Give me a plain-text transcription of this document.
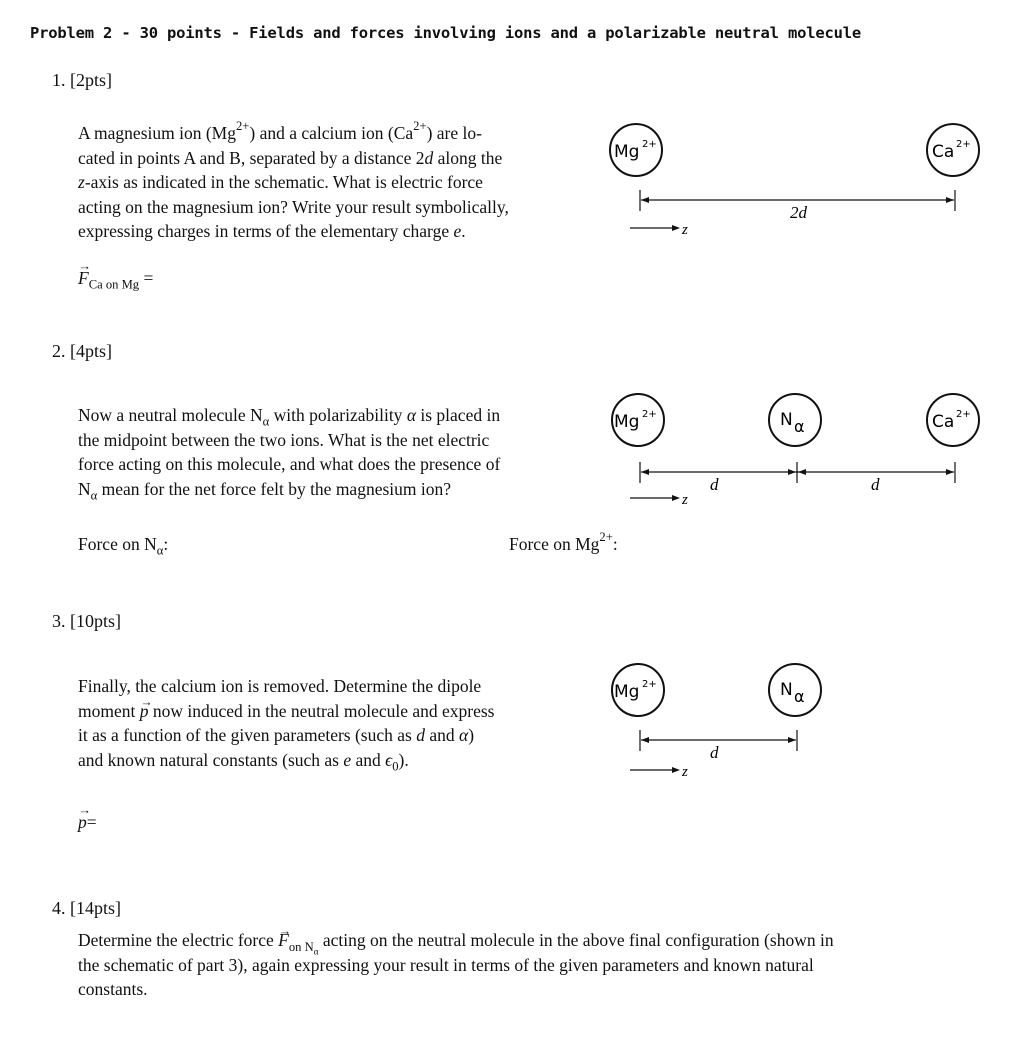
Problem 2 - 30 points - Fields and forces involving ions and a polarizable neutral molecule
1. [2pts]

A magnesium ion $(Mg^{2+})$ and a calcium ion $(Ca^{2+})$ are lo-

cated in points A and B, separated by a distance 2d along the

z-axis as indicated in the schematic. What is electric force

acting on the magnesium ion? Write your result symbolically,

expressing charges in terms of the elementary charge e.

→ $F_{Ca on Mg}$ =
Mg 2+	Ca 2+
2d
z
2. [4pts]

Now a neutral molecule $N_\alpha$ with polarizability α is placed in

the midpoint between the two ions. What is the net electric

force acting on this molecule, and what does the presence of

$N_\alpha$ mean for the net force felt by the magnesium ion?

Force on $N_\alpha$:	Force on $Mg^{2+}$:
Mg 2+	N α	Ca 2+
d	d
z
3. [10pts]

Finally, the calcium ion is removed. Determine the dipole

moment → p now induced in the neutral molecule and express

it as a function of the given parameters (such as d and α)

and known natural constants (such as e and $\epsilon_0$).

→ p=
Mg 2+	N α
d
z
4. [14pts]

Determine the electric force → $F_{on N_\alpha}$ acting on the neutral molecule in the above final configuration (shown in

the schematic of part 3), again expressing your result in terms of the given parameters and known natural

constants.
